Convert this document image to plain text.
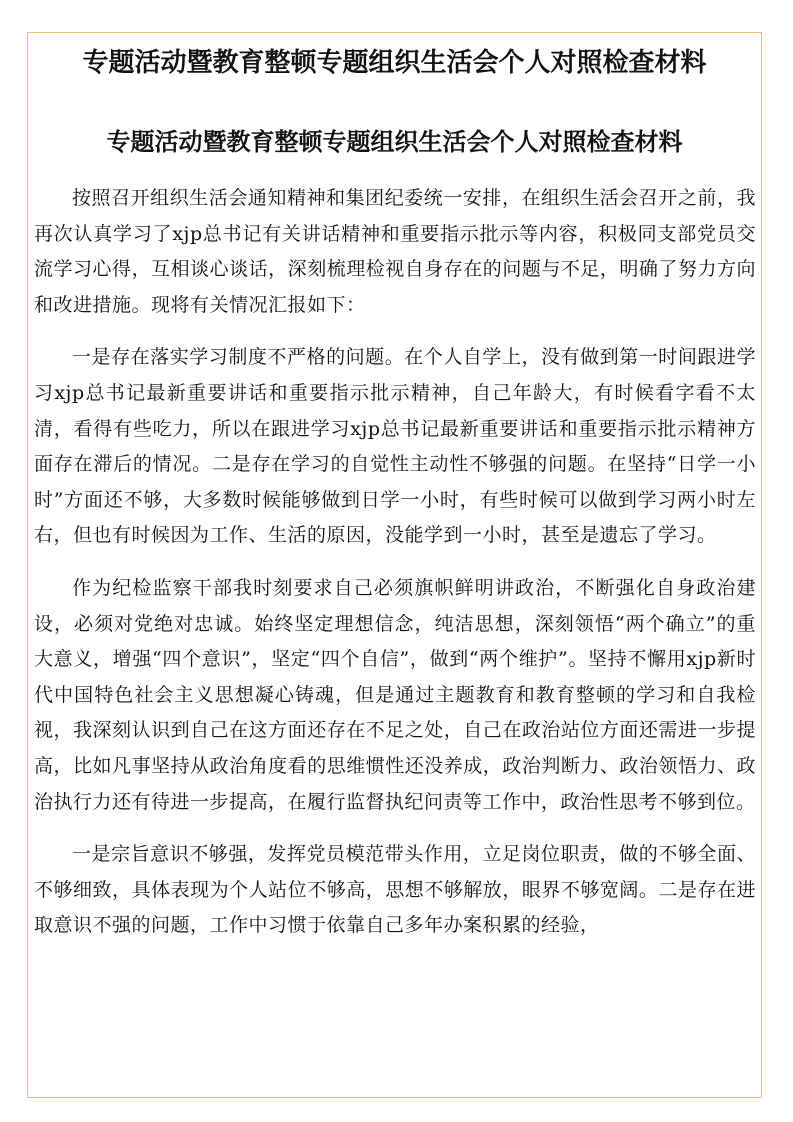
专题活动暨教育整顿专题组织生活会个人对照检查材料
专题活动暨教育整顿专题组织生活会个人对照检查材料

按照召开组织生活会通知精神和集团纪委统一安排，在组织生活会召开之前，我再次认真学习了xjp总书记有关讲话精神和重要指示批示等内容，积极同支部党员交流学习心得，互相谈心谈话，深刻梳理检视自身存在的问题与不足，明确了努力方向和改进措施。现将有关情况汇报如下：

一是存在落实学习制度不严格的问题。在个人自学上，没有做到第一时间跟进学习xjp总书记最新重要讲话和重要指示批示精神，自己年龄大，有时候看字看不太清，看得有些吃力，所以在跟进学习xjp总书记最新重要讲话和重要指示批示精神方面存在滞后的情况。二是存在学习的自觉性主动性不够强的问题。在坚持“日学一小时”方面还不够，大多数时候能够做到日学一小时，有些时候可以做到学习两小时左右，但也有时候因为工作、生活的原因，没能学到一小时，甚至是遗忘了学习。

作为纪检监察干部我时刻要求自己必须旗帜鲜明讲政治，不断强化自身政治建设，必须对党绝对忠诚。始终坚定理想信念，纯洁思想，深刻领悟“两个确立”的重大意义，增强“四个意识”，坚定“四个自信”，做到“两个维护”。坚持不懈用xjp新时代中国特色社会主义思想凝心铸魂，但是通过主题教育和教育整顿的学习和自我检视，我深刻认识到自己在这方面还存在不足之处，自己在政治站位方面还需进一步提高，比如凡事坚持从政治角度看的思维惯性还没养成，政治判断力、政治领悟力、政治执行力还有待进一步提高，在履行监督执纪问责等工作中，政治性思考不够到位。

一是宗旨意识不够强，发挥党员模范带头作用，立足岗位职责，做的不够全面、不够细致，具体表现为个人站位不够高，思想不够解放，眼界不够宽阔。二是存在进取意识不强的问题，工作中习惯于依靠自己多年办案积累的经验，
